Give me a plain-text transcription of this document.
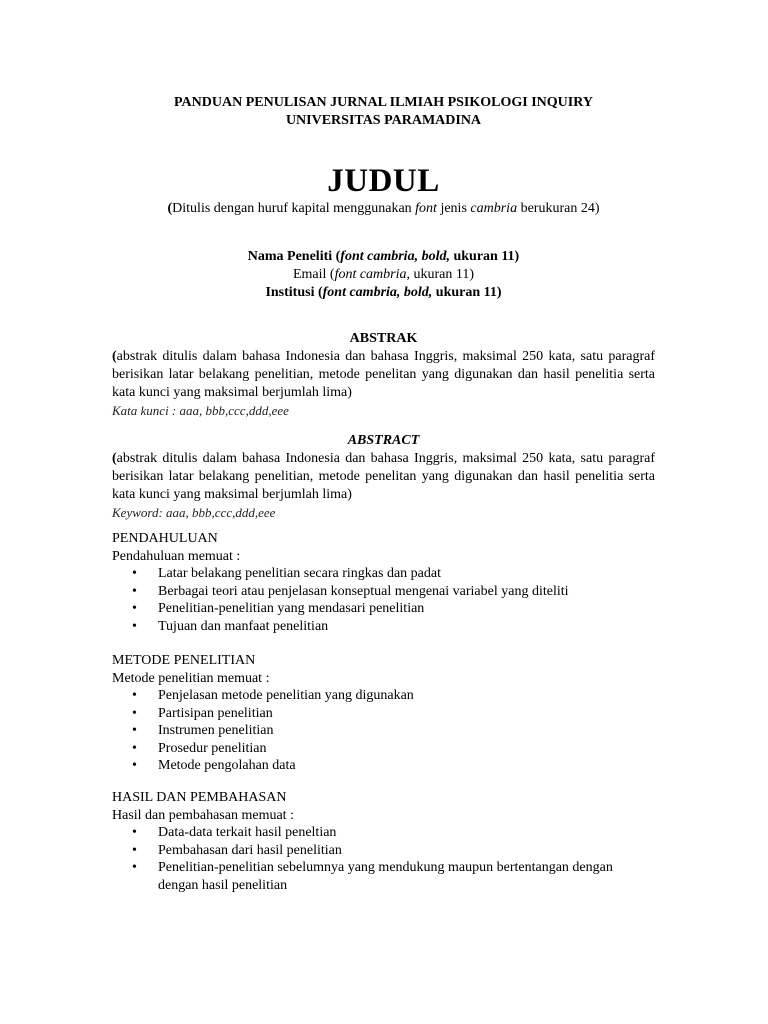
PANDUAN PENULISAN JURNAL ILMIAH PSIKOLOGI INQUIRY
UNIVERSITAS PARAMADINA
JUDUL
(Ditulis dengan huruf kapital menggunakan font jenis cambria berukuran 24)
Nama Peneliti (font cambria, bold, ukuran 11)
Email (font cambria, ukuran 11)
Institusi (font cambria, bold, ukuran 11)
ABSTRAK
(abstrak ditulis dalam bahasa Indonesia dan bahasa Inggris, maksimal 250 kata, satu paragraf berisikan latar belakang penelitian, metode penelitan yang digunakan dan hasil penelitia serta kata kunci yang maksimal berjumlah lima)
Kata kunci : aaa, bbb,ccc,ddd,eee
ABSTRACT
(abstrak ditulis dalam bahasa Indonesia dan bahasa Inggris, maksimal 250 kata, satu paragraf berisikan latar belakang penelitian, metode penelitan yang digunakan dan hasil penelitia serta kata kunci yang maksimal berjumlah lima)
Keyword: aaa, bbb,ccc,ddd,eee
PENDAHULUAN
Pendahuluan memuat :
• Latar belakang penelitian secara ringkas dan padat
• Berbagai teori atau penjelasan konseptual mengenai variabel yang diteliti
• Penelitian-penelitian yang mendasari penelitian
• Tujuan dan manfaat penelitian
METODE PENELITIAN
Metode penelitian memuat :
• Penjelasan metode penelitian yang digunakan
• Partisipan penelitian
• Instrumen penelitian
• Prosedur penelitian
• Metode pengolahan data
HASIL DAN PEMBAHASAN
Hasil dan pembahasan memuat :
• Data-data terkait hasil peneltian
• Pembahasan dari hasil penelitian
• Penelitian-penelitian sebelumnya yang mendukung maupun bertentangan dengan dengan hasil penelitian
